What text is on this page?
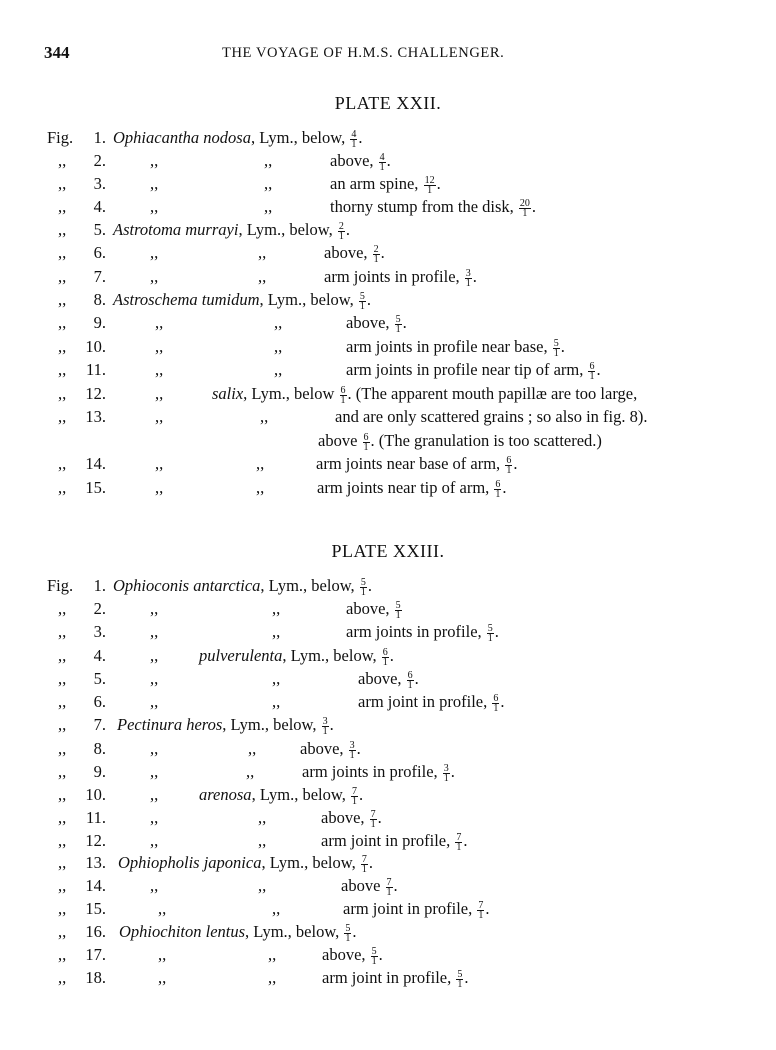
344	THE VOYAGE OF H.M.S. CHALLENGER.
PLATE XXII.
PLATE XXIII.
Fig.	1. Ophiacantha nodosa, Lym., below, $\frac{4}{1}$ .
,,	2.	,,	,,	above, $\frac{4}{1}$ .
,,	3.	,,	,,	an arm spine, $\frac{12}{1}$ .
,,	4.	,,	,,	thorny stump from the disk, $\frac{20}{1}$ .
,,	5. Astrotoma murrayi, Lym., below, $\frac{2}{1}$ .
,,	6.	,,	,,	above, $\frac{2}{1}$ .
,,	7.	,,	,,	arm joints in profile, $\frac{3}{1}$ .
,,	8. Astroschema tumidum, Lym., below, $\frac{5}{1}$ .
,,	9.	,,	,,	above, $\frac{5}{1}$ .
,,	10.	,,	,,	arm joints in profile near base, $\frac{5}{1}$ .
,,	11.	,,	,,	arm joints in profile near tip of arm, $\frac{6}{1}$ .
,,	12.	,,	salix, Lym., below $\frac{6}{1}$ . (The apparent mouth papillæ are too large,
,,	13.	,,	,,	and are only scattered grains ; so also in fig. 8).
above $\frac{6}{1}$ . (The granulation is too scattered.)
,,	14.	,,	,,	arm joints near base of arm, $\frac{6}{1}$ .
,,	15.	,,	,,	arm joints near tip of arm, $\frac{6}{1}$ .
Fig.	1. Ophioconis antarctica, Lym., below, $\frac{5}{1}$ .
,,	2.	,,	,,	above, $\frac{5}{1}$
,,	3.	,,	,,	arm joints in profile, $\frac{5}{1}$ .
,,	4.	,, pulverulenta, Lym., below, $\frac{6}{1}$ .
,,	5.	,,	,,	above, $\frac{6}{1}$ .
,,	6.	,,	,,	arm joint in profile, $\frac{6}{1}$ .
,,	7. Pectinura heros, Lym., below, $\frac{3}{1}$ .
,,	8.	,,	,,	above, $\frac{3}{1}$ .
,,	9.	,,	,,	arm joints in profile, $\frac{3}{1}$ .
,,	10.	,, arenosa, Lym., below, $\frac{7}{1}$ .
,,	11.	,,	,,	above, $\frac{7}{1}$ .
,,	12.	,,	,,	arm joint in profile, $\frac{7}{1}$ .
,,	13. Ophiopholis japonica, Lym., below, $\frac{7}{1}$ .
,,	14.	,,	,,	above $\frac{7}{1}$ .
,,	15.	,,	,,	arm joint in profile, $\frac{7}{1}$ .
,,	16. Ophiochiton lentus, Lym., below, $\frac{5}{1}$ .
,,	17.	,,	,,	above, $\frac{5}{1}$ .
,,	18.	,,	,,	arm joint in profile, $\frac{5}{1}$ .
